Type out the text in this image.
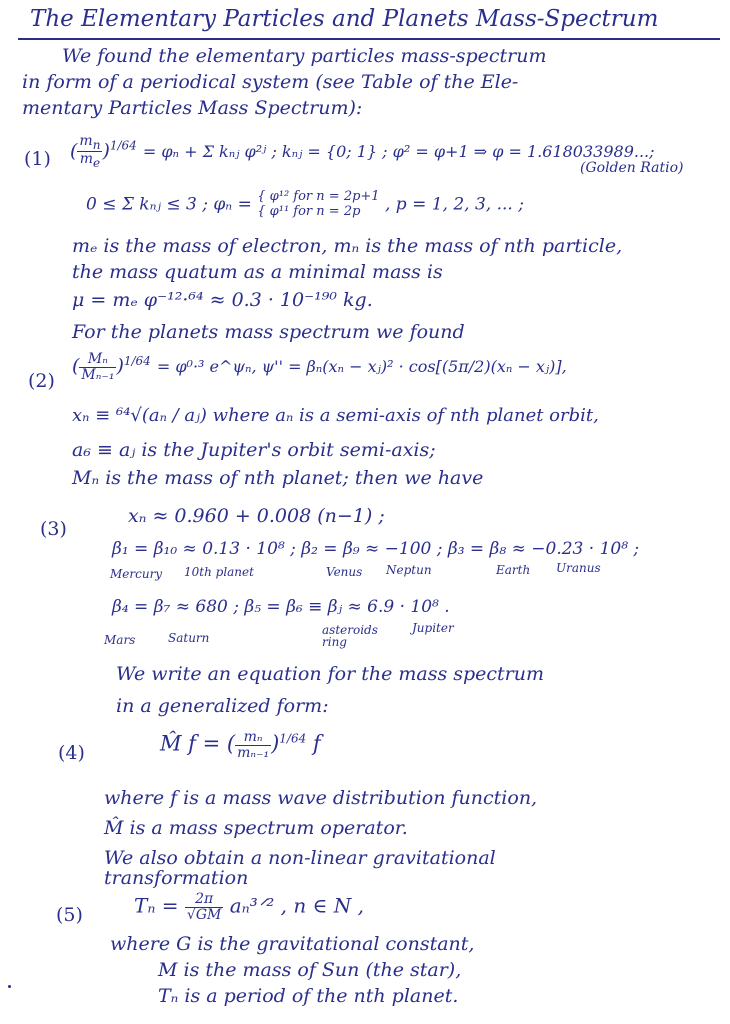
The Elementary Particles and Planets Mass-Spectrum
We found the elementary particles mass-spectrum
in form of a periodical system (see Table of the Ele-
mentary Particles Mass Spectrum):
(1) ( $\frac{m_n}{m_e} )^{1/64} = \varphi_n + \Sigma$ kₙⱼ φ²ʲ ; kₙⱼ = {0; 1} ; φ² = φ+1 ⇒ φ = 1.618033989...;
(Golden Ratio)
0 ≤ Σ kₙⱼ ≤ 3 ; φₙ = { φ¹² for n = 2p+1
{ φ¹¹ for n = 2p , p = 1, 2, 3, ... ;
mₑ is the mass of electron, mₙ is the mass of nth particle,
the mass quatum as a minimal mass is
μ = mₑ φ⁻¹²·⁶⁴ ≈ 0.3 · 10⁻¹⁹⁰ kg.
For the planets mass spectrum we found
(2)
( $\frac{\text{Mₙ}}{\text{Mₙ₋₁}} )^{1/64} = \varphi^0\cdot^3$ e^ψₙ, ψ'' = βₙ(xₙ − xⱼ)² · cos[(5π/2)(xₙ − xⱼ)],
xₙ ≡ ⁶⁴√(aₙ / aⱼ) where aₙ is a semi-axis of nth planet orbit,
a₆ ≡ aⱼ is the Jupiter's orbit semi-axis;
Mₙ is the mass of nth planet; then we have
(3)
xₙ ≈ 0.960 + 0.008 (n−1) ;
β₁ = β₁₀ ≈ 0.13 · 10⁸ ; β₂ = β₉ ≈ −100 ; β₃ = β₈ ≈ −0.23 · 10⁸ ;
Mercury 10th planet	Venus Neptun	Earth Uranus
β₄ = β₇ ≈ 680 ; β₅ = β₆ ≡ βⱼ ≈ 6.9 · 10⁸ .
Mars	Saturn
asteroids ring
Jupiter
We write an equation for the mass spectrum
in a generalized form:
(4)	M̂ f = ( $\frac{\text{mₙ}}{\text{mₙ₋₁}} )^{1/64}$ f
where f is a mass wave distribution function,
M̂ is a mass spectrum operator.
We also obtain a non-linear gravitational
transformation
(5)	$T_n = \frac{2\pi}{√GM}$ aₙ³ᐟ² , n ∈ N ,
where G is the gravitational constant,
M is the mass of Sun (the star),
Tₙ is a period of the nth planet.
